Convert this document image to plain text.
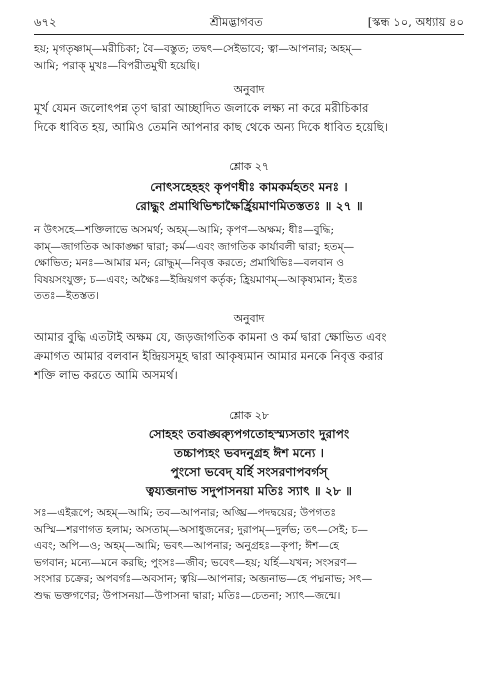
৬৭২	শ্রীমদ্ভাগবত	[স্কন্ধ ১০, অধ্যায় ৪০
হয়; মৃগতৃষ্ণাম্—মরীচিকা; বৈ—বস্তুত; তদ্বৎ—সেইভাবে; ত্বা—আপনার; অহম্—
আমি; পরাক্ মুখঃ—বিপরীতমুখী হয়েছি।
অনুবাদ
মূর্খ যেমন জলোৎপন্ন তৃণ দ্বারা আচ্ছাদিত জলাকে লক্ষ্য না করে মরীচিকার
দিকে ধাবিত হয়, আমিও তেমনি আপনার কাছ থেকে অন্য দিকে ধাবিত হয়েছি।
শ্লোক ২৭
নোৎসহেহহং কৃপণধীঃ কামকর্মহতং মনঃ ।
রোদ্ধুং প্রমাথিভিশ্চাক্ষৈর্হ্রিয়মাণমিতস্ততঃ ॥ ২৭ ॥
ন উৎসহে—শক্তিলাভে অসমর্থ; অহম্—আমি; কৃপণ—অক্ষম; ধীঃ—বুদ্ধি;
কাম্—জাগতিক আকাঙ্ক্ষা দ্বারা; কর্ম—এবং জাগতিক কার্যাবলী দ্বারা; হতম্—
ক্ষোভিত; মনঃ—আমার মন; রোদ্ধুম্—নিবৃত্ত করতে; প্রমাথিভিঃ—বলবান ও
বিষয়সংযুক্ত; চ—এবং; অক্ষৈঃ—ইন্দ্রিয়গণ কর্তৃক; হ্রিয়মাণম্—আকৃষ্যমান; ইতঃ
ততঃ—ইতস্তত।
অনুবাদ
আমার বুদ্ধি এতটাই অক্ষম যে, জড়জাগতিক কামনা ও কর্ম দ্বারা ক্ষোভিত এবং
ক্রমাগত আমার বলবান ইন্দ্রিয়সমূহ দ্বারা আকৃষ্যমান আমার মনকে নিবৃত্ত করার
শক্তি লাভ করতে আমি অসমর্থ।
শ্লোক ২৮
সোহহং তবাঙ্ঘ্র্যুপগতোহস্ম্যসতাং দুরাপং
তচ্চাপ্যহং ভবদনুগ্রহ ঈশ মন্যে ।
পুংসো ভবেদ্ যর্হি সংসরণাপবর্গস্
ত্বয্যব্জনাভ সদুপাসনয়া মতিঃ স্যাৎ ॥ ২৮ ॥
সঃ—এইরূপে; অহম্—আমি; তব—আপনার; অঙ্ঘ্রি—পদদ্বয়ের; উপগতঃ
অস্মি—শরণাগত হলাম; অসতাম্—অসাধুজনের; দুরাপম্—দুর্লভ; তৎ—সেই; চ—
এবং; অপি—ও; অহম্—আমি; ভবৎ—আপনার; অনুগ্রহঃ—কৃপা; ঈশ—হে
ভগবান; মন্যে—মনে করছি; পুংসঃ—জীব; ভবেৎ—হয়; যর্হি—যখন; সংসরণ—
সংসার চক্রের; অপবর্গঃ—অবসান; ত্বয়ি—আপনার; অব্জনাভ—হে পদ্মনাভ; সৎ—
শুদ্ধ ভক্তগণের; উপাসনয়া—উপাসনা দ্বারা; মতিঃ—চেতনা; স্যাৎ—জন্মে।
